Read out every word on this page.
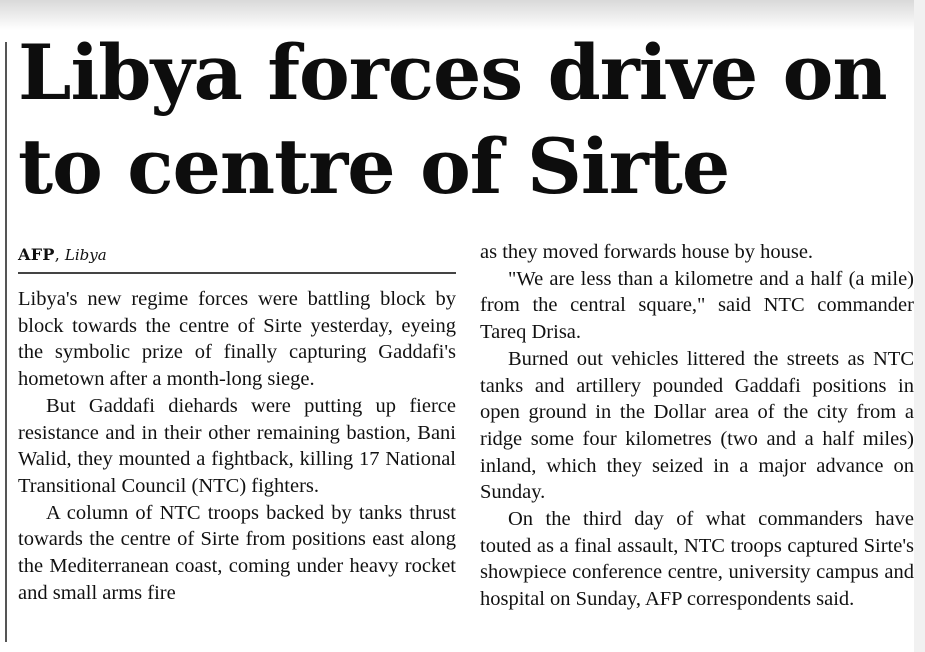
Libya forces drive on
to centre of Sirte
AFP, Libya

Libya's new regime forces were battling block by block towards the centre of Sirte yesterday, eyeing the symbolic prize of finally capturing Gaddafi's hometown after a month-long siege.

But Gaddafi diehards were putting up fierce resistance and in their other remaining bastion, Bani Walid, they mounted a fightback, killing 17 National Transitional Council (NTC) fighters.

A column of NTC troops backed by tanks thrust towards the centre of Sirte from positions east along the Mediterranean coast, coming under heavy rocket and small arms fire

as they moved forwards house by house.

"We are less than a kilometre and a half (a mile) from the central square," said NTC commander Tareq Drisa.

Burned out vehicles littered the streets as NTC tanks and artillery pounded Gaddafi positions in open ground in the Dollar area of the city from a ridge some four kilometres (two and a half miles) inland, which they seized in a major advance on Sunday.

On the third day of what commanders have touted as a final assault, NTC troops captured Sirte's showpiece conference centre, university campus and hospital on Sunday, AFP correspondents said.
